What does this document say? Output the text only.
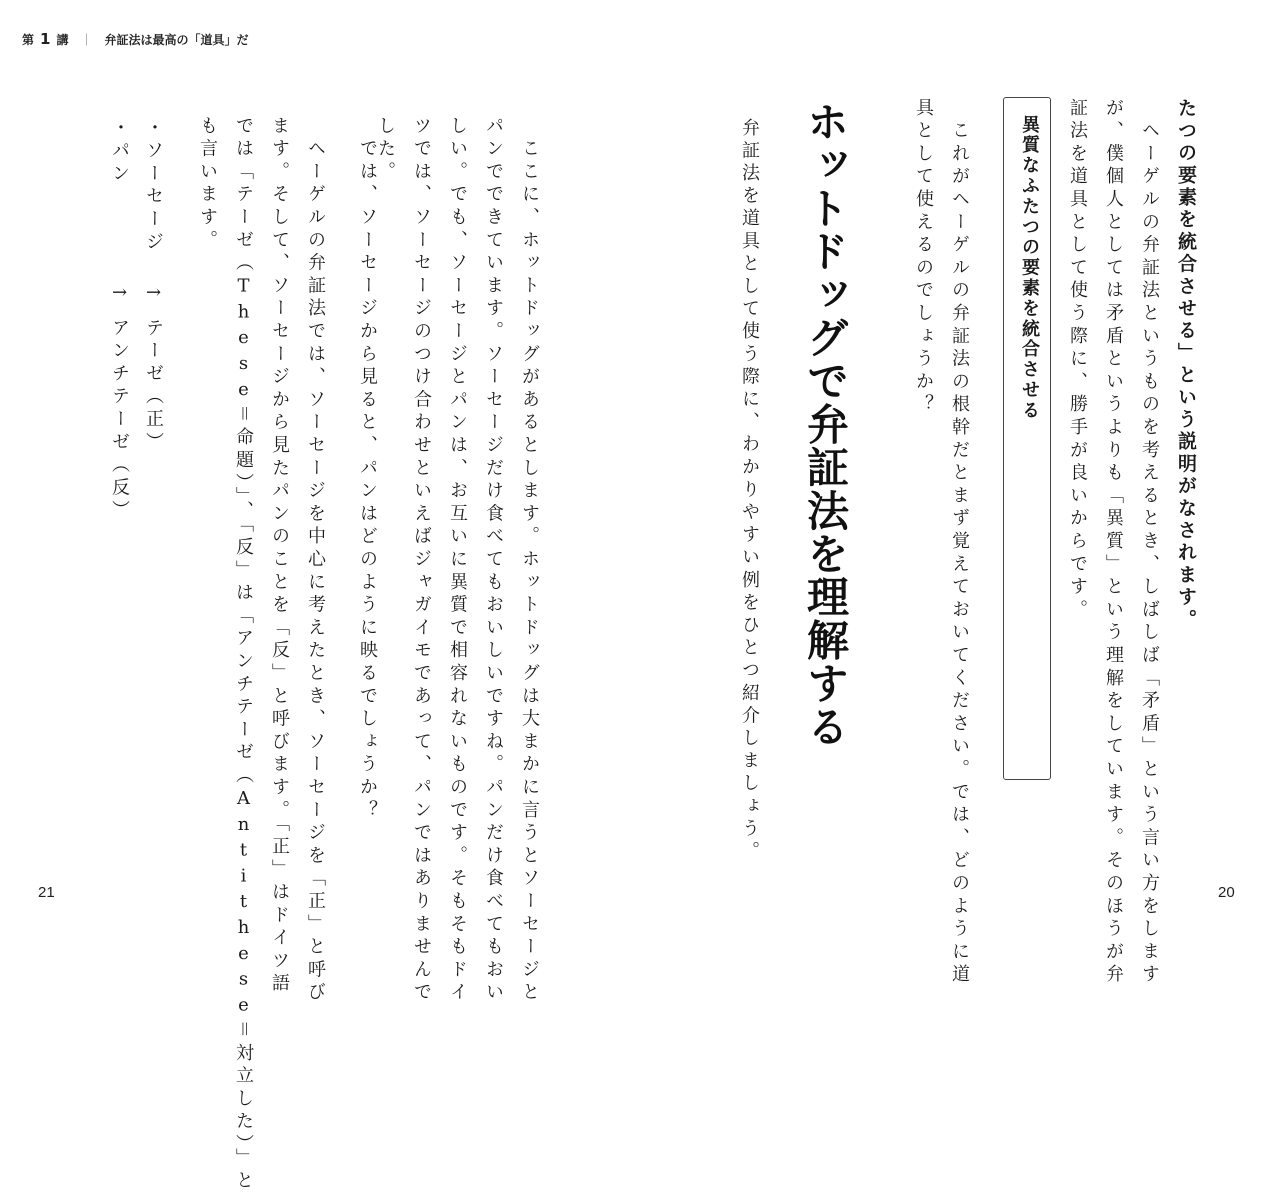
第 1 講 ｜ 弁証法は最高の「道具」だ
たつの要素を統合させる」という説明がなされます。
　ヘーゲルの弁証法というものを考えるとき、しばしば「矛盾」という言い方をします
が、僕個人としては矛盾というよりも「異質」という理解をしています。そのほうが弁
証法を道具として使う際に、勝手が良いからです。
異質なふたつの要素を統合させる
　これがヘーゲルの弁証法の根幹だとまず覚えておいてください。では、どのように道
具として使えるのでしょうか？
ホットドッグで弁証法を理解する
弁証法を道具として使う際に、わかりやすい例をひとつ紹介しましょう。
　ここに、ホットドッグがあるとします。ホットドッグは大まかに言うとソーセージと
パンでできています。ソーセージだけ食べてもおいしいですね。パンだけ食べてもおい
しい。でも、ソーセージとパンは、お互いに異質で相容れないものです。そもそもドイ
ツでは、ソーセージのつけ合わせといえばジャガイモであって、パンではありませんで
した。
　では、ソーセージから見ると、パンはどのように映るでしょうか？
　ヘーゲルの弁証法では、ソーセージを中心に考えたとき、ソーセージを「正」と呼び
ます。そして、ソーセージから見たパンのことを「反」と呼びます。「正」はドイツ語
では「テーゼ（These＝命題）」、「反」は「アンチテーゼ（Antithese＝対立した）」と
も言います。
・ソーセージ
→
テーゼ（正）
・パン
→
アンチテーゼ（反）
21	20
